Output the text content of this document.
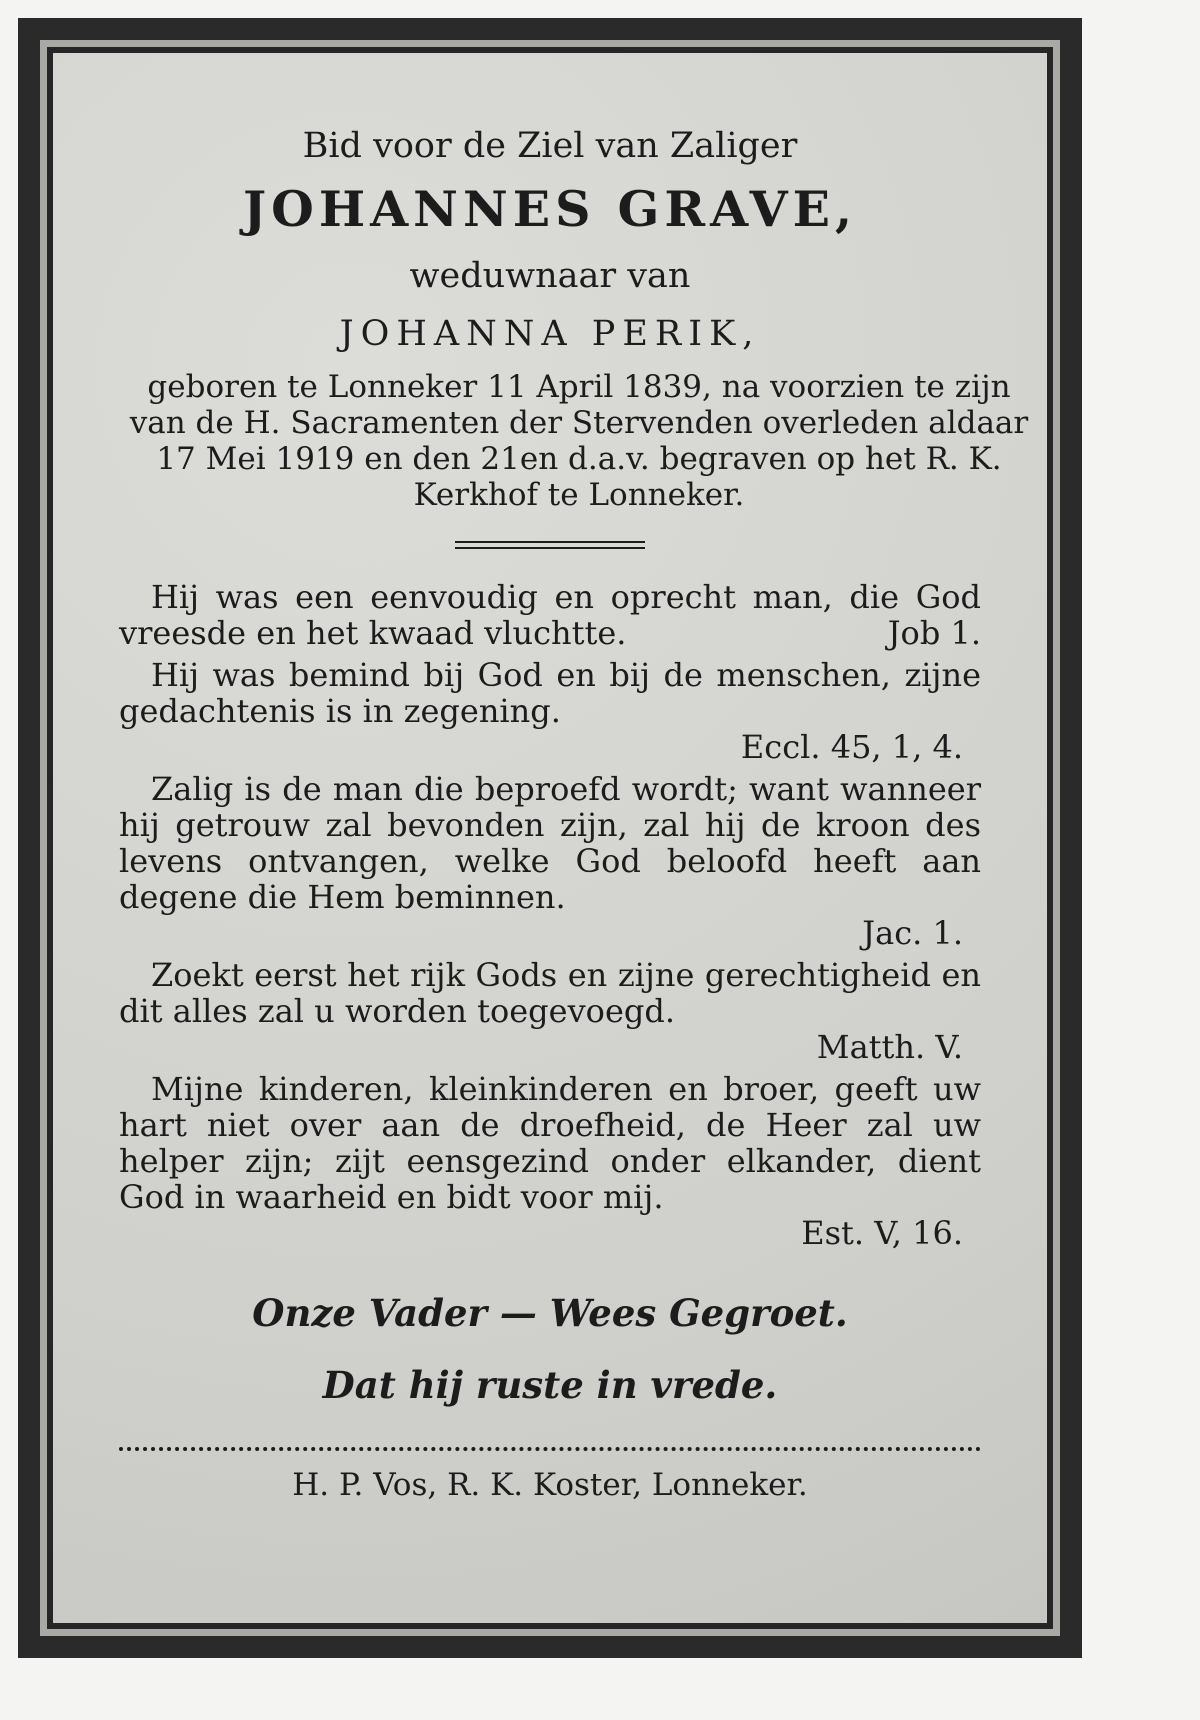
Bid voor de Ziel van Zaliger
JOHANNES GRAVE,
weduwnaar van
JOHANNA PERIK,
geboren te Lonneker 11 April 1839, na voorzien te zijn van de H. Sacramenten der Stervenden overleden aldaar 17 Mei 1919 en den 21en d.a.v. begraven op het R. K. Kerkhof te Lonneker.
Hij was een eenvoudig en oprecht man, die God vreesde en het kwaad vluchtte.	Job 1.
Hij was bemind bij God en bij de menschen, zijne gedachtenis is in zegening.
Eccl. 45, 1, 4.
Zalig is de man die beproefd wordt; want wanneer hij getrouw zal bevonden zijn, zal hij de kroon des levens ontvangen, welke God beloofd heeft aan degene die Hem beminnen.
Jac. 1.
Zoekt eerst het rijk Gods en zijne gerechtigheid en dit alles zal u worden toegevoegd.
Matth. V.
Mijne kinderen, kleinkinderen en broer, geeft uw hart niet over aan de droefheid, de Heer zal uw helper zijn; zijt eensgezind onder elkander, dient God in waarheid en bidt voor mij.
Est. V, 16.
Onze Vader — Wees Gegroet.
Dat hij ruste in vrede.
H. P. Vos, R. K. Koster, Lonneker.
